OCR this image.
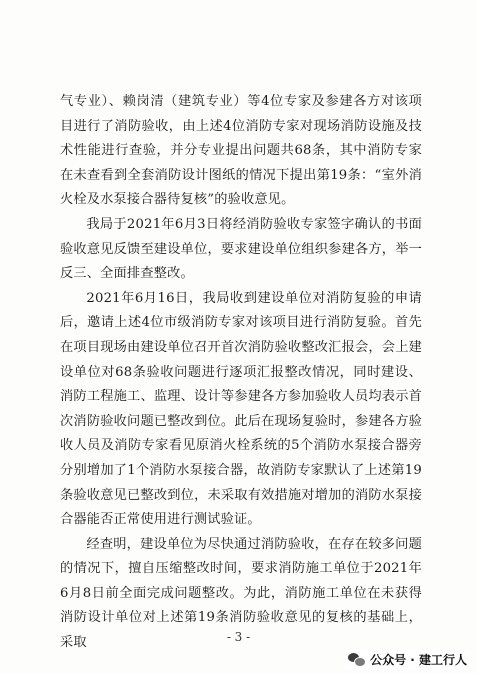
气专业）、赖岗清（建筑专业）等4位专家及参建各方对该项目进行了消防验收，由上述4位消防专家对现场消防设施及技术性能进行查验，并分专业提出问题共68条，其中消防专家在未查看到全套消防设计图纸的情况下提出第19条：“室外消火栓及水泵接合器待复核”的验收意见。

我局于2021年6月3日将经消防验收专家签字确认的书面验收意见反馈至建设单位，要求建设单位组织参建各方，举一反三、全面排查整改。

2021年6月16日，我局收到建设单位对消防复验的申请后，邀请上述4位市级消防专家对该项目进行消防复验。首先在项目现场由建设单位召开首次消防验收整改汇报会，会上建设单位对68条验收问题进行逐项汇报整改情况，同时建设、消防工程施工、监理、设计等参建各方参加验收人员均表示首次消防验收问题已整改到位。此后在现场复验时，参建各方验收人员及消防专家看见原消火栓系统的5个消防水泵接合器旁分别增加了1个消防水泵接合器，故消防专家默认了上述第19条验收意见已整改到位，未采取有效措施对增加的消防水泵接合器能否正常使用进行测试验证。

经查明，建设单位为尽快通过消防验收，在存在较多问题的情况下，擅自压缩整改时间，要求消防施工单位于2021年6月8日前全面完成问题整改。为此，消防施工单位在未获得消防设计单位对上述第19条消防验收意见的复核的基础上，采取	- 3 -
公众号 · 建工行人
